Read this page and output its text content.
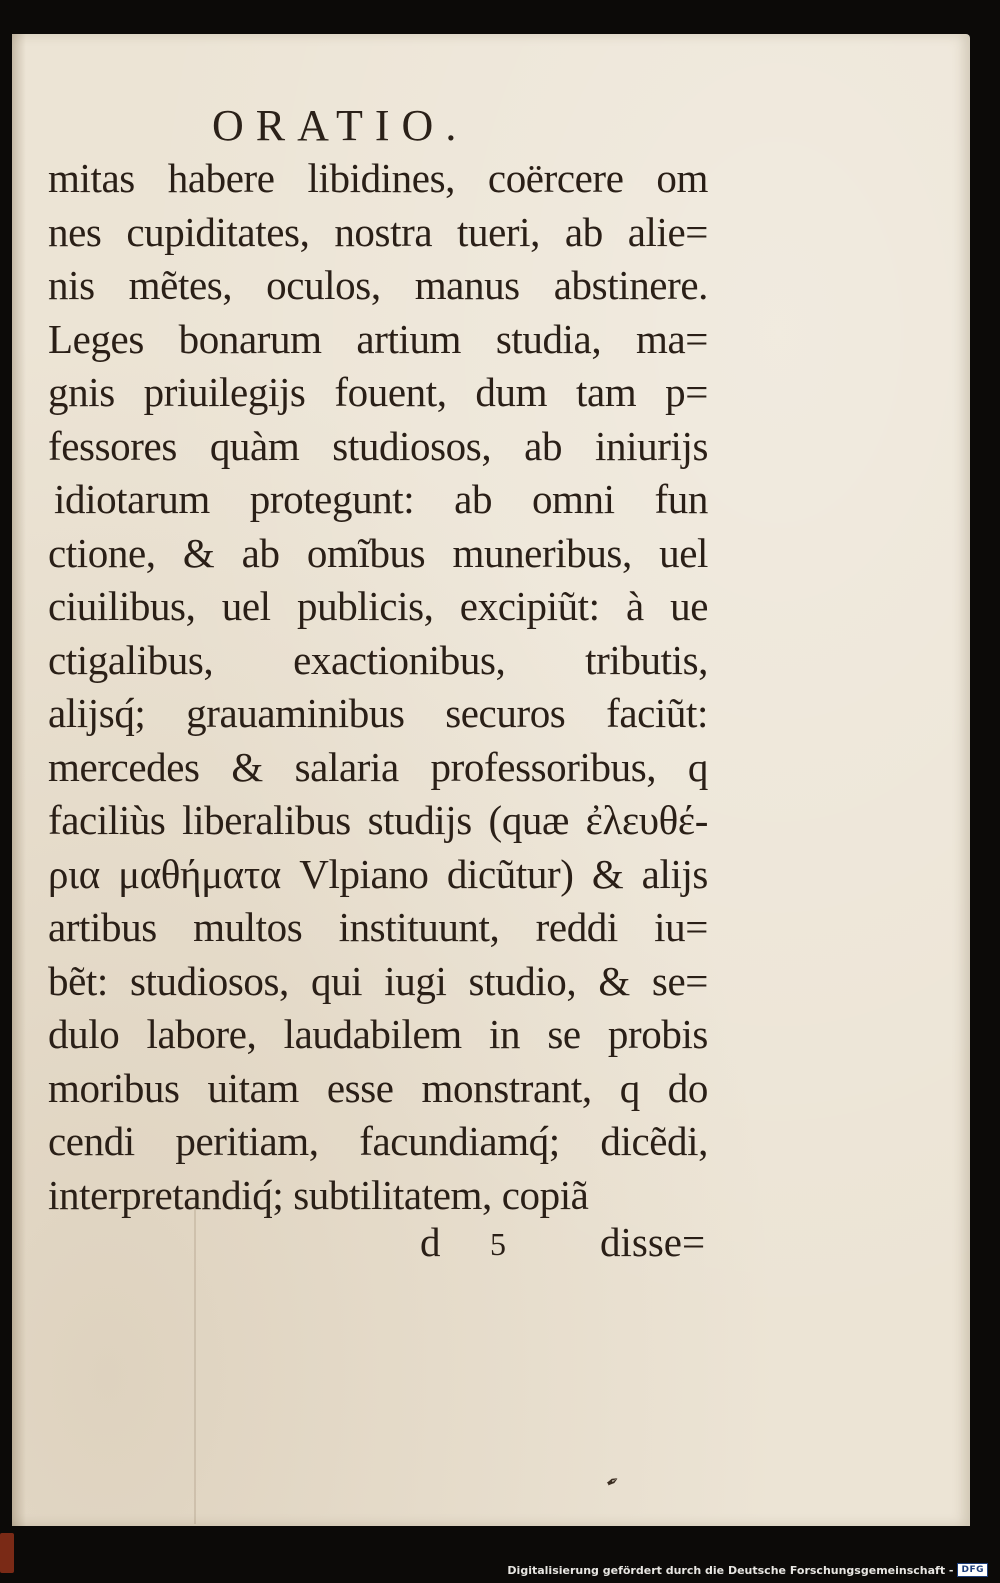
ORATIO.
mitas habere libidines, coërcere om
nes cupiditates, nostra tueri, ab alie=
nis mẽtes, oculos, manus abstinere.
Leges bonarum artium studia, ma=
gnis priuilegijs fouent, dum tam p=
fessores quàm studiosos, ab iniurijs
idiotarum protegunt: ab omni fun
ctione, & ab omĩbus muneribus, uel
ciuilibus, uel publicis, excipiũt: à ue
ctigalibus, exactionibus, tributis,
alijsq́; grauaminibus securos faciũt:
mercedes & salaria professoribus, q
faciliùs liberalibus studijs (quæ ἐλευθέ-
ρια μαθήματα Vlpiano dicũtur) & alijs
artibus multos instituunt, reddi iu=
bẽt: studiosos, qui iugi studio, & se=
dulo labore, laudabilem in se probis
moribus uitam esse monstrant, q do
cendi peritiam, facundiamq́; dicẽdi,
interpretandiq́; subtilitatem, copiã
d 5 disse=
✒
Digitalisierung gefördert durch die Deutsche Forschungsgemeinschaft - DFG
